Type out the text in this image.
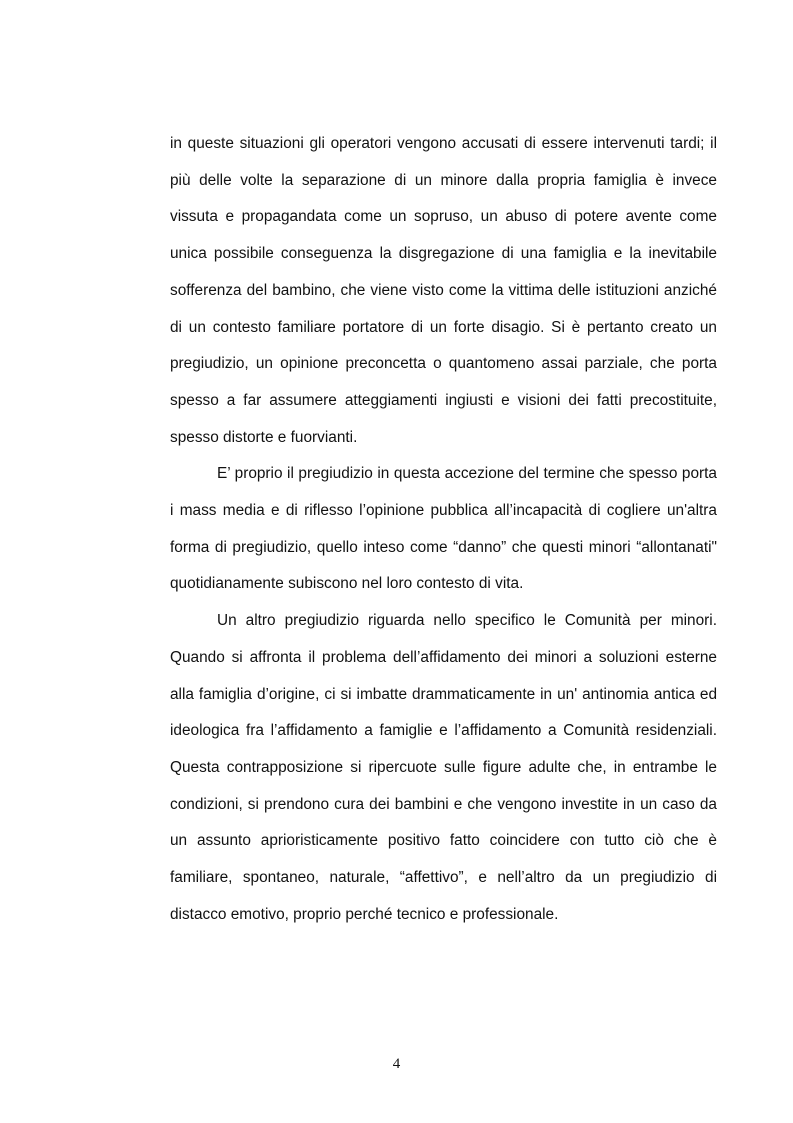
in queste situazioni gli operatori vengono accusati di essere intervenuti tardi; il più delle volte la separazione di un minore dalla propria famiglia è invece vissuta e propagandata come un sopruso, un abuso di potere avente come unica possibile conseguenza la disgregazione di una famiglia e la inevitabile sofferenza del bambino, che viene visto come la vittima delle istituzioni anziché di un contesto familiare portatore di un forte disagio. Si è pertanto creato un pregiudizio, un opinione preconcetta o quantomeno assai parziale, che porta spesso a far assumere atteggiamenti ingiusti e visioni dei fatti precostituite, spesso distorte e fuorvianti.

E’ proprio il pregiudizio in questa accezione del termine che spesso porta i mass media e di riflesso l’opinione pubblica all’incapacità di cogliere un'altra forma di pregiudizio, quello inteso come “danno” che questi minori “allontanati" quotidianamente subiscono nel loro contesto di vita.

Un altro pregiudizio riguarda nello specifico le Comunità per minori. Quando si affronta il problema dell’affidamento dei minori a soluzioni esterne alla famiglia d’origine, ci si imbatte drammaticamente in un' antinomia antica ed ideologica fra l’affidamento a famiglie e l’affidamento a Comunità residenziali. Questa contrapposizione si ripercuote sulle figure adulte che, in entrambe le condizioni, si prendono cura dei bambini e che vengono investite in un caso da un assunto aprioristicamente positivo fatto coincidere con tutto ciò che è familiare, spontaneo, naturale, “affettivo”, e nell’altro da un pregiudizio di distacco emotivo, proprio perché tecnico e professionale.

4
